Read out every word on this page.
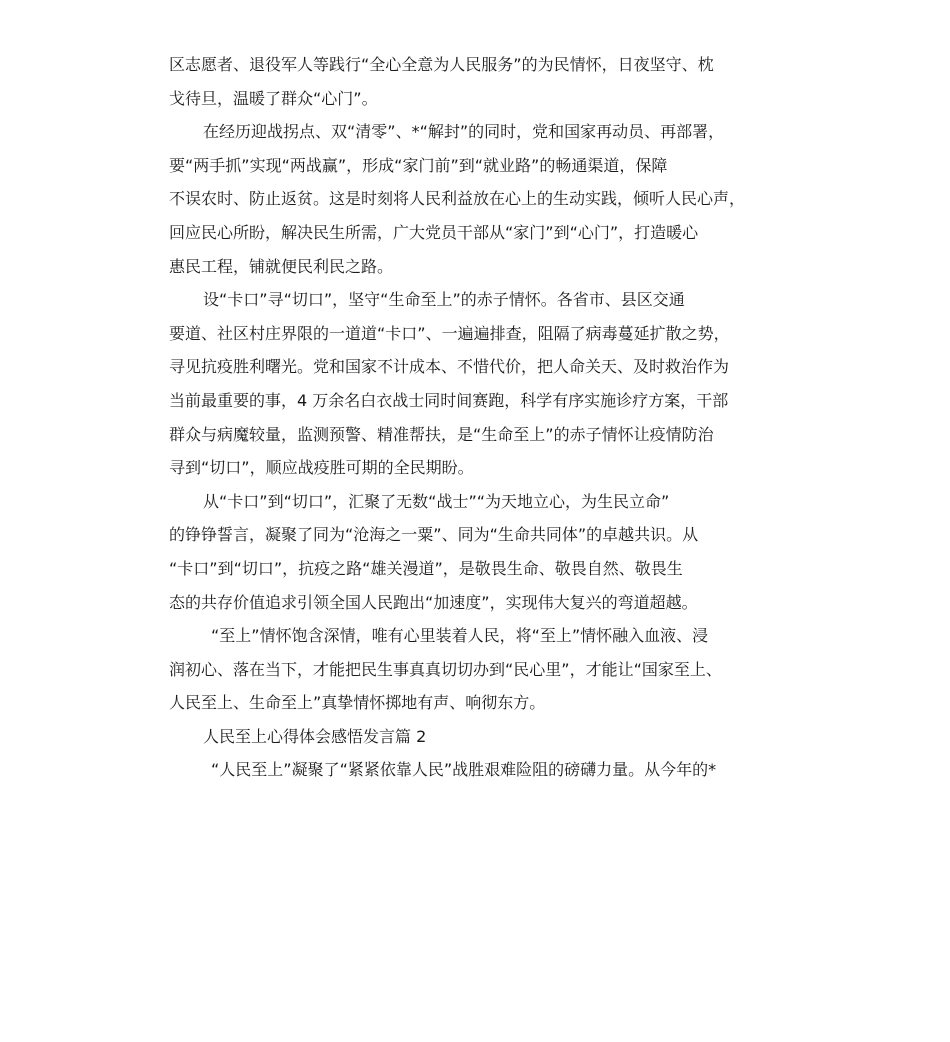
区志愿者、退役军人等践行“全心全意为人民服务”的为民情怀，日夜坚守、枕
戈待旦，温暖了群众“心门”。
在经历迎战拐点、双“清零”、*“解封”的同时，党和国家再动员、再部署，
要“两手抓”实现“两战赢”，形成“家门前”到“就业路”的畅通渠道，保障
不误农时、防止返贫。这是时刻将人民利益放在心上的生动实践，倾听人民心声，
回应民心所盼，解决民生所需，广大党员干部从“家门”到“心门”，打造暖心
惠民工程，铺就便民利民之路。
设“卡口”寻“切口”，坚守“生命至上”的赤子情怀。各省市、县区交通
要道、社区村庄界限的一道道“卡口”、一遍遍排查，阻隔了病毒蔓延扩散之势，
寻见抗疫胜利曙光。党和国家不计成本、不惜代价，把人命关天、及时救治作为
当前最重要的事，4 万余名白衣战士同时间赛跑，科学有序实施诊疗方案，干部
群众与病魔较量，监测预警、精准帮扶，是“生命至上”的赤子情怀让疫情防治
寻到“切口”，顺应战疫胜可期的全民期盼。
从“卡口”到“切口”，汇聚了无数“战士”“为天地立心，为生民立命”
的铮铮誓言，凝聚了同为“沧海之一粟”、同为“生命共同体”的卓越共识。从
“卡口”到“切口”，抗疫之路“雄关漫道”，是敬畏生命、敬畏自然、敬畏生
态的共存价值追求引领全国人民跑出“加速度”，实现伟大复兴的弯道超越。
“至上”情怀饱含深情，唯有心里装着人民，将“至上”情怀融入血液、浸
润初心、落在当下，才能把民生事真真切切办到“民心里”，才能让“国家至上、
人民至上、生命至上”真挚情怀掷地有声、响彻东方。
人民至上心得体会感悟发言篇 2
“人民至上”凝聚了“紧紧依靠人民”战胜艰难险阻的磅礴力量。从今年的*
